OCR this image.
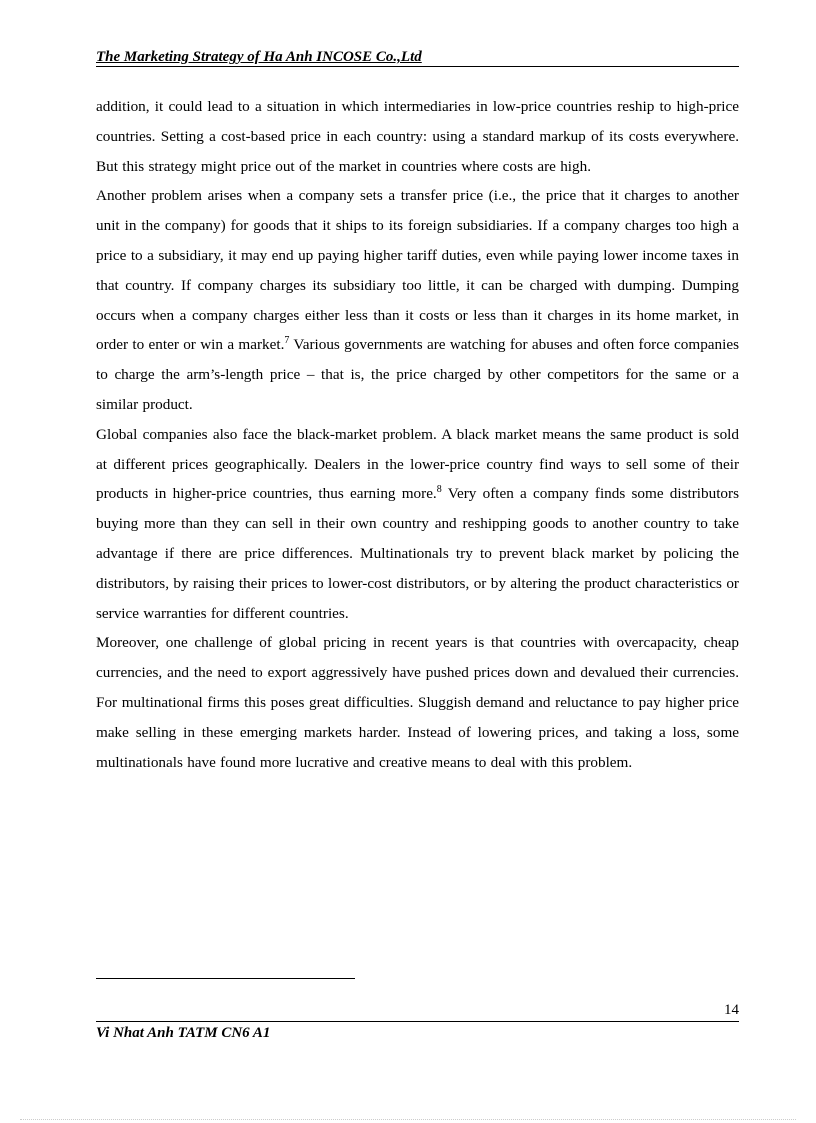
The Marketing Strategy of Ha Anh INCOSE Co.,Ltd

addition, it could lead to a situation in which intermediaries in low-price countries reship to high-price countries. Setting a cost-based price in each country: using a standard markup of its costs everywhere. But this strategy might price out of the market in countries where costs are high.

Another problem arises when a company sets a transfer price (i.e., the price that it charges to another unit in the company) for goods that it ships to its foreign subsidiaries. If a company charges too high a price to a subsidiary, it may end up paying higher tariff duties, even while paying lower income taxes in that country. If company charges its subsidiary too little, it can be charged with dumping. Dumping occurs when a company charges either less than it costs or less than it charges in its home market, in order to enter or win a market.$^7$ Various governments are watching for abuses and often force companies to charge the arm’s-length price – that is, the price charged by other competitors for the same or a similar product.

Global companies also face the black-market problem. A black market means the same product is sold at different prices geographically. Dealers in the lower-price country find ways to sell some of their products in higher-price countries, thus earning more.$^8$ Very often a company finds some distributors buying more than they can sell in their own country and reshipping goods to another country to take advantage if there are price differences. Multinationals try to prevent black market by policing the distributors, by raising their prices to lower-cost distributors, or by altering the product characteristics or service warranties for different countries.

Moreover, one challenge of global pricing in recent years is that countries with overcapacity, cheap currencies, and the need to export aggressively have pushed prices down and devalued their currencies. For multinational firms this poses great difficulties. Sluggish demand and reluctance to pay higher price make selling in these emerging markets harder. Instead of lowering prices, and taking a loss, some multinationals have found more lucrative and creative means to deal with this problem.

14
Vi Nhat Anh TATM CN6 A1
